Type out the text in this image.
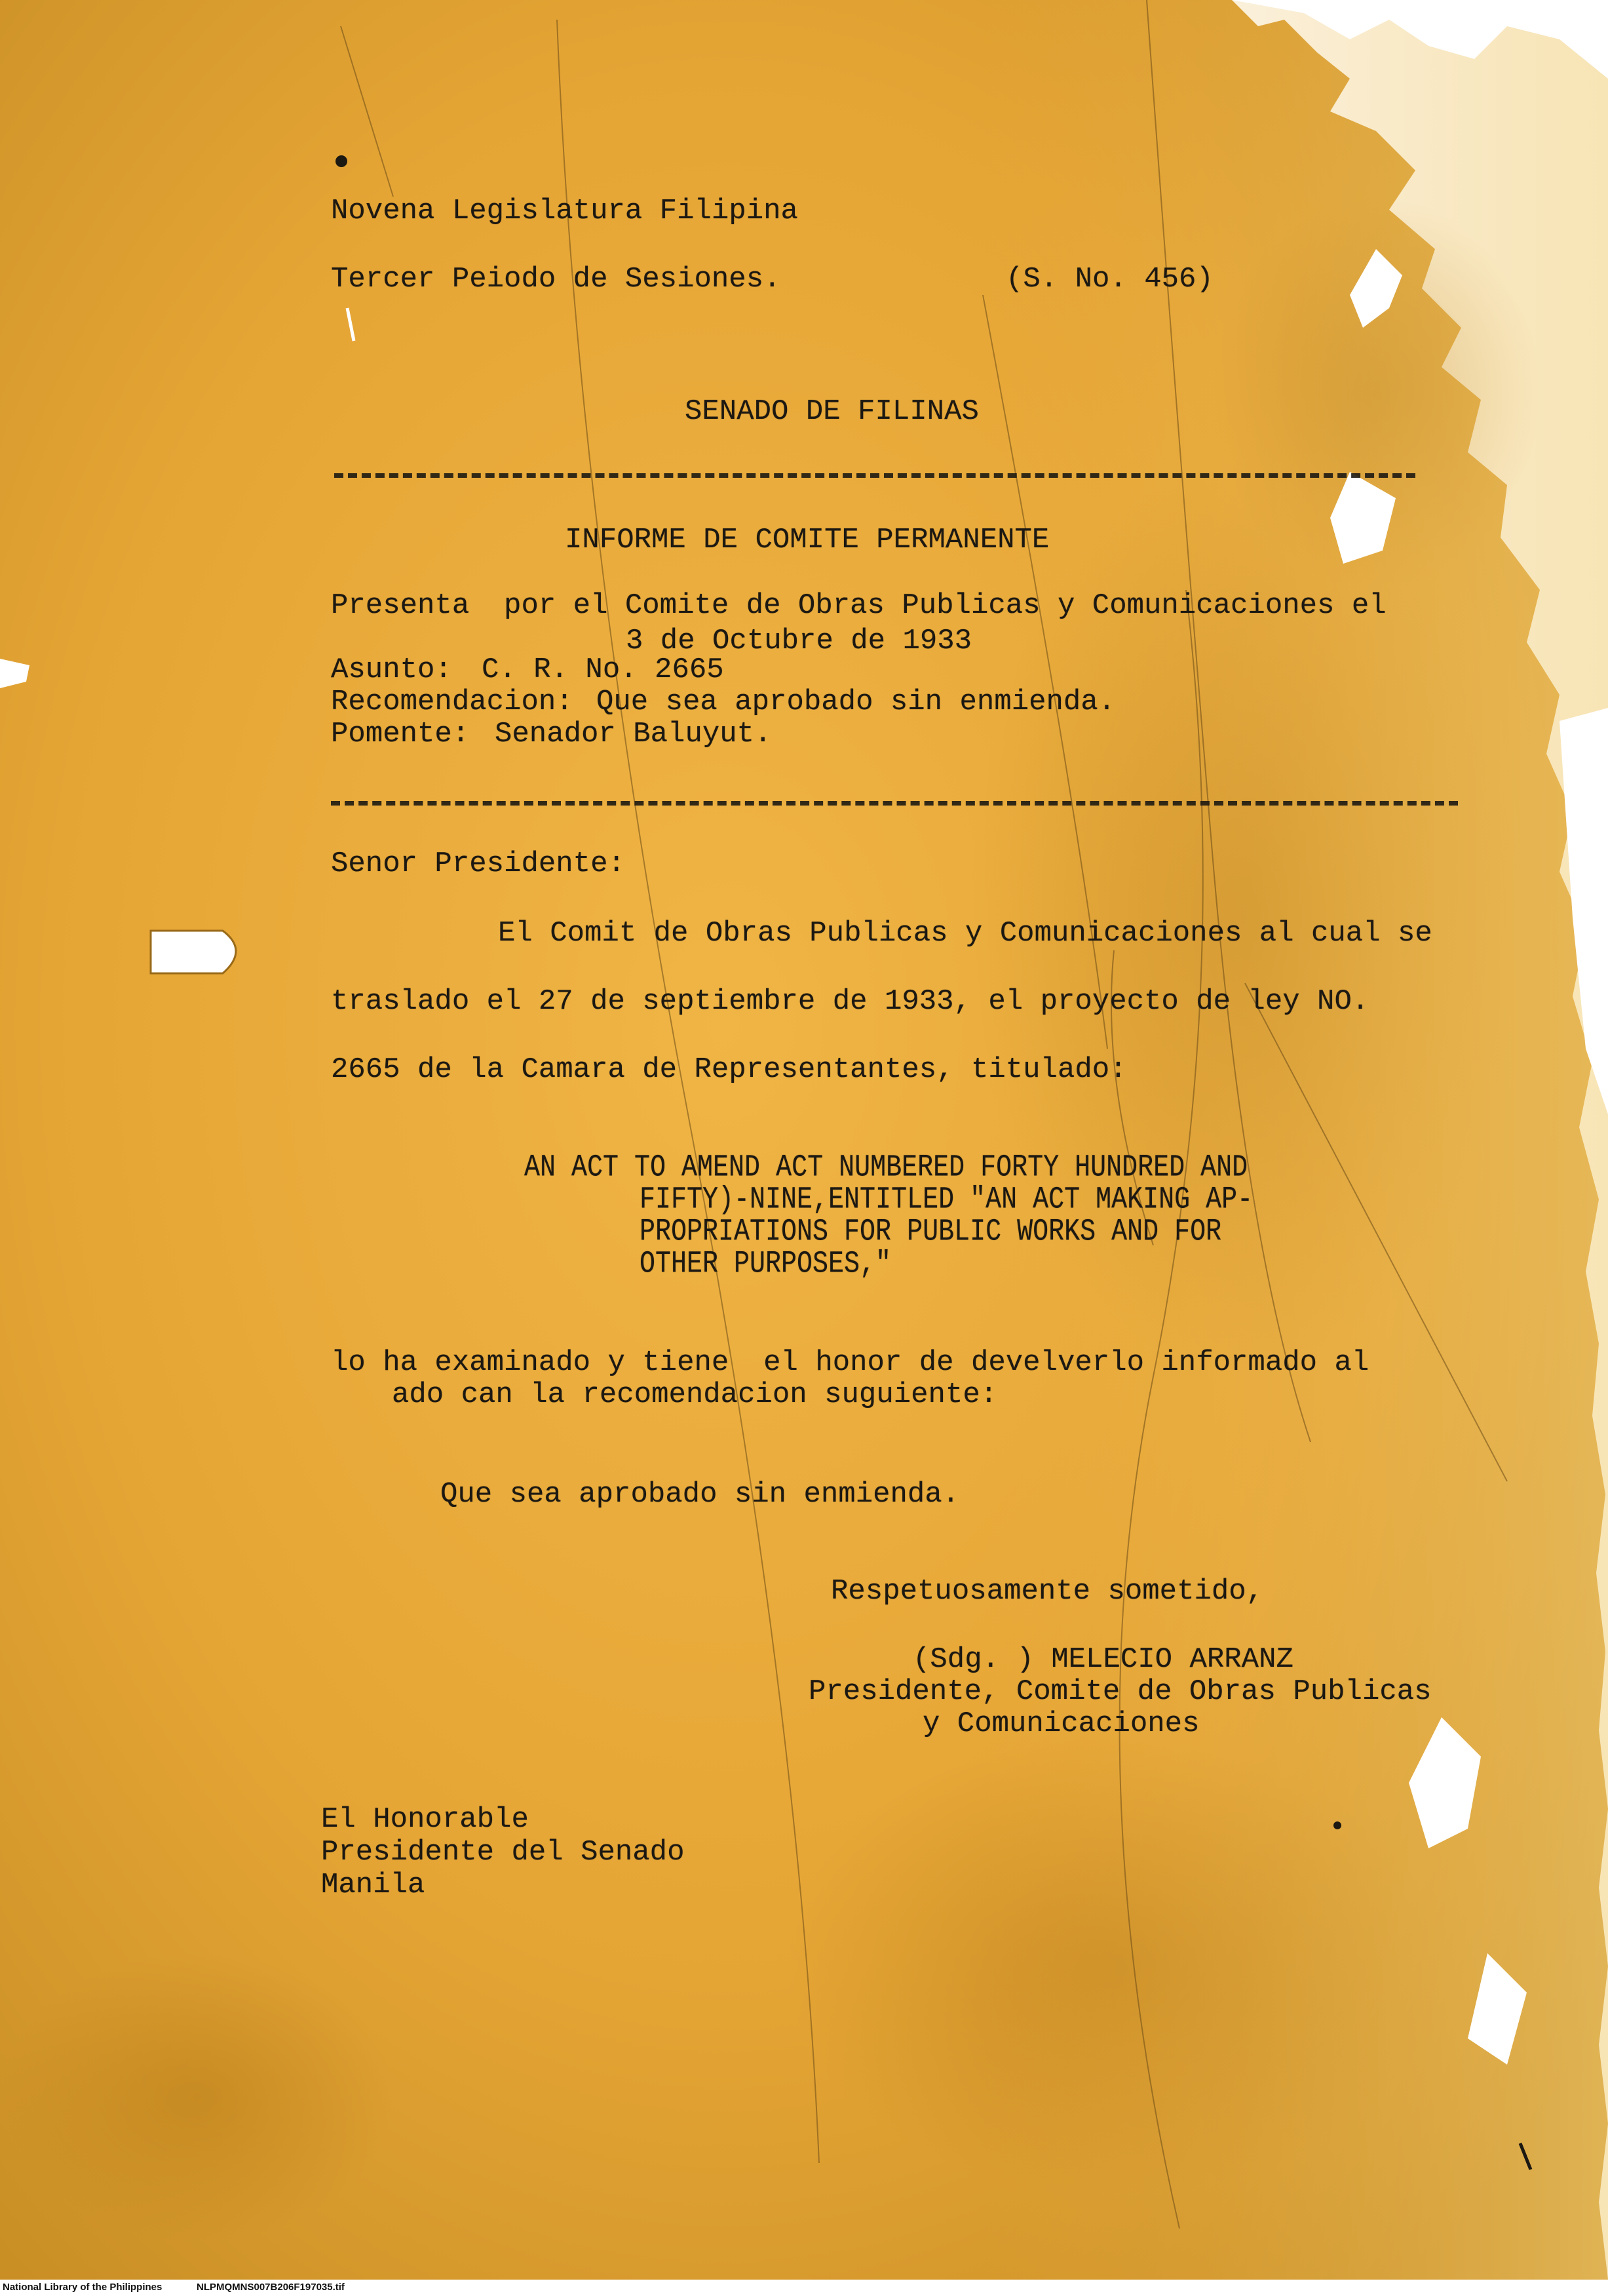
Novena Legislatura Filipina
Tercer Peiodo de Sesiones.	(S. No. 456)
SENADO DE FILINAS
INFORME DE COMITE PERMANENTE
Presenta  por el Comite de Obras Publicas y Comunicaciones el
3 de Octubre de 1933
Asunto: C. R. No. 2665
Recomendacion: Que sea aprobado sin enmienda.
Pomente: Senador Baluyut.
Senor Presidente:
El Comit de Obras Publicas y Comunicaciones al cual se
traslado el 27 de septiembre de 1933, el proyecto de ley NO.
2665 de la Camara de Representantes, titulado:
AN ACT TO AMEND ACT NUMBERED FORTY HUNDRED AND
FIFTY)-NINE,ENTITLED "AN ACT MAKING AP-
PROPRIATIONS FOR PUBLIC WORKS AND FOR
OTHER PURPOSES,"
lo ha examinado y tiene  el honor de develverlo informado al
ado can la recomendacion suguiente:
Que sea aprobado sin enmienda.
Respetuosamente sometido,
(Sdg. ) MELECIO ARRANZ
Presidente, Comite de Obras Publicas
y Comunicaciones
El Honorable
Presidente del Senado
Manila
National Library of the Philippines	NLPMQMNS007B206F197035.tif
